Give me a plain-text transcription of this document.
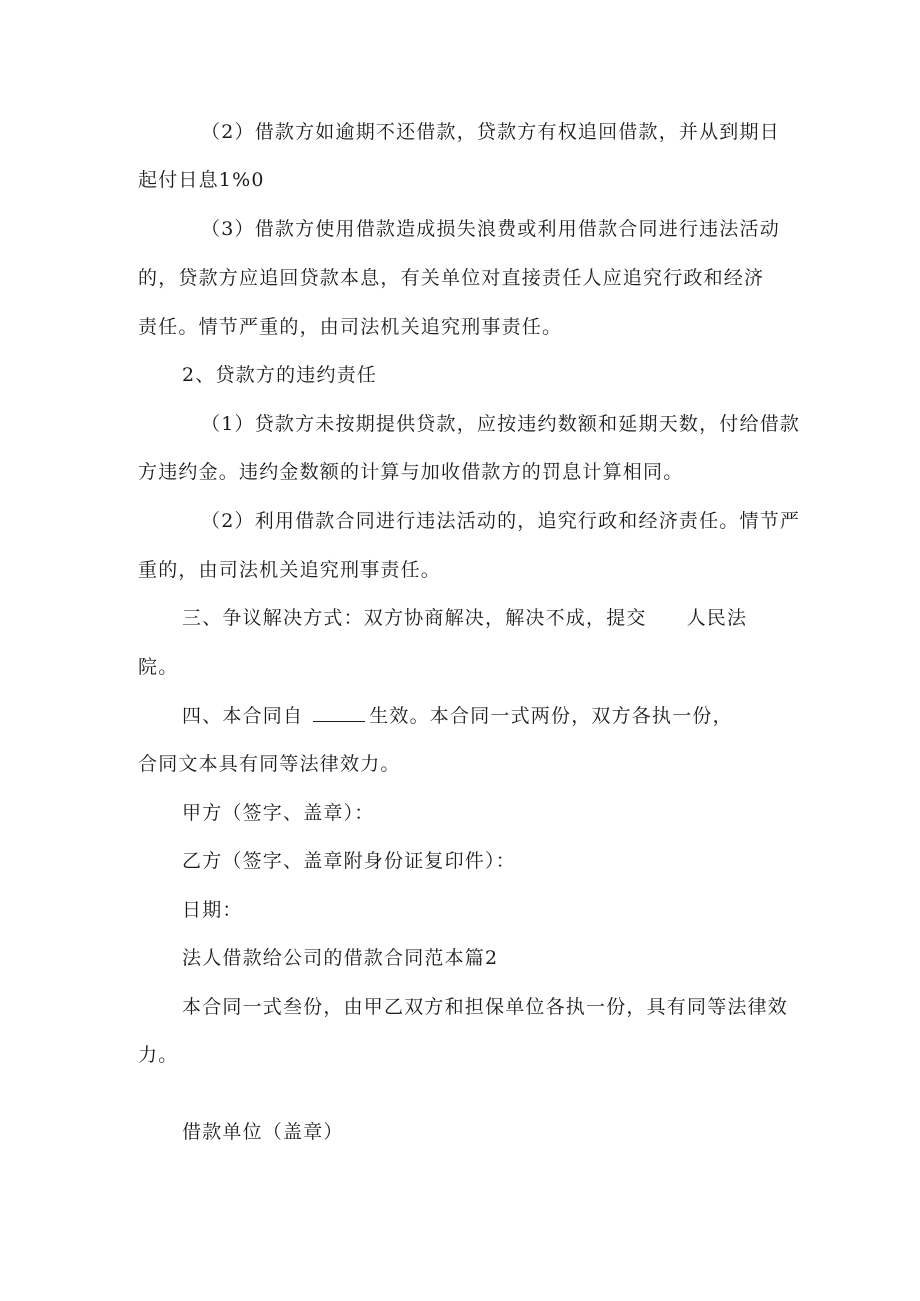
（2）借款方如逾期不还借款，贷款方有权追回借款，并从到期日
起付日息1%0
（3）借款方使用借款造成损失浪费或利用借款合同进行违法活动
的，贷款方应追回贷款本息，有关单位对直接责任人应追究行政和经济
责任。情节严重的，由司法机关追究刑事责任。
2、贷款方的违约责任
（1）贷款方未按期提供贷款，应按违约数额和延期天数，付给借款
方违约金。违约金数额的计算与加收借款方的罚息计算相同。
（2）利用借款合同进行违法活动的，追究行政和经济责任。情节严
重的，由司法机关追究刑事责任。
三、争议解决方式：双方协商解决，解决不成，提交 人民法
院。
四、本合同自	生效。本合同一式两份，双方各执一份，
合同文本具有同等法律效力。
甲方（签字、盖章）：
乙方（签字、盖章附身份证复印件）：
日期：
法人借款给公司的借款合同范本篇2
本合同一式叁份，由甲乙双方和担保单位各执一份，具有同等法律效
力。
借款单位（盖章）
